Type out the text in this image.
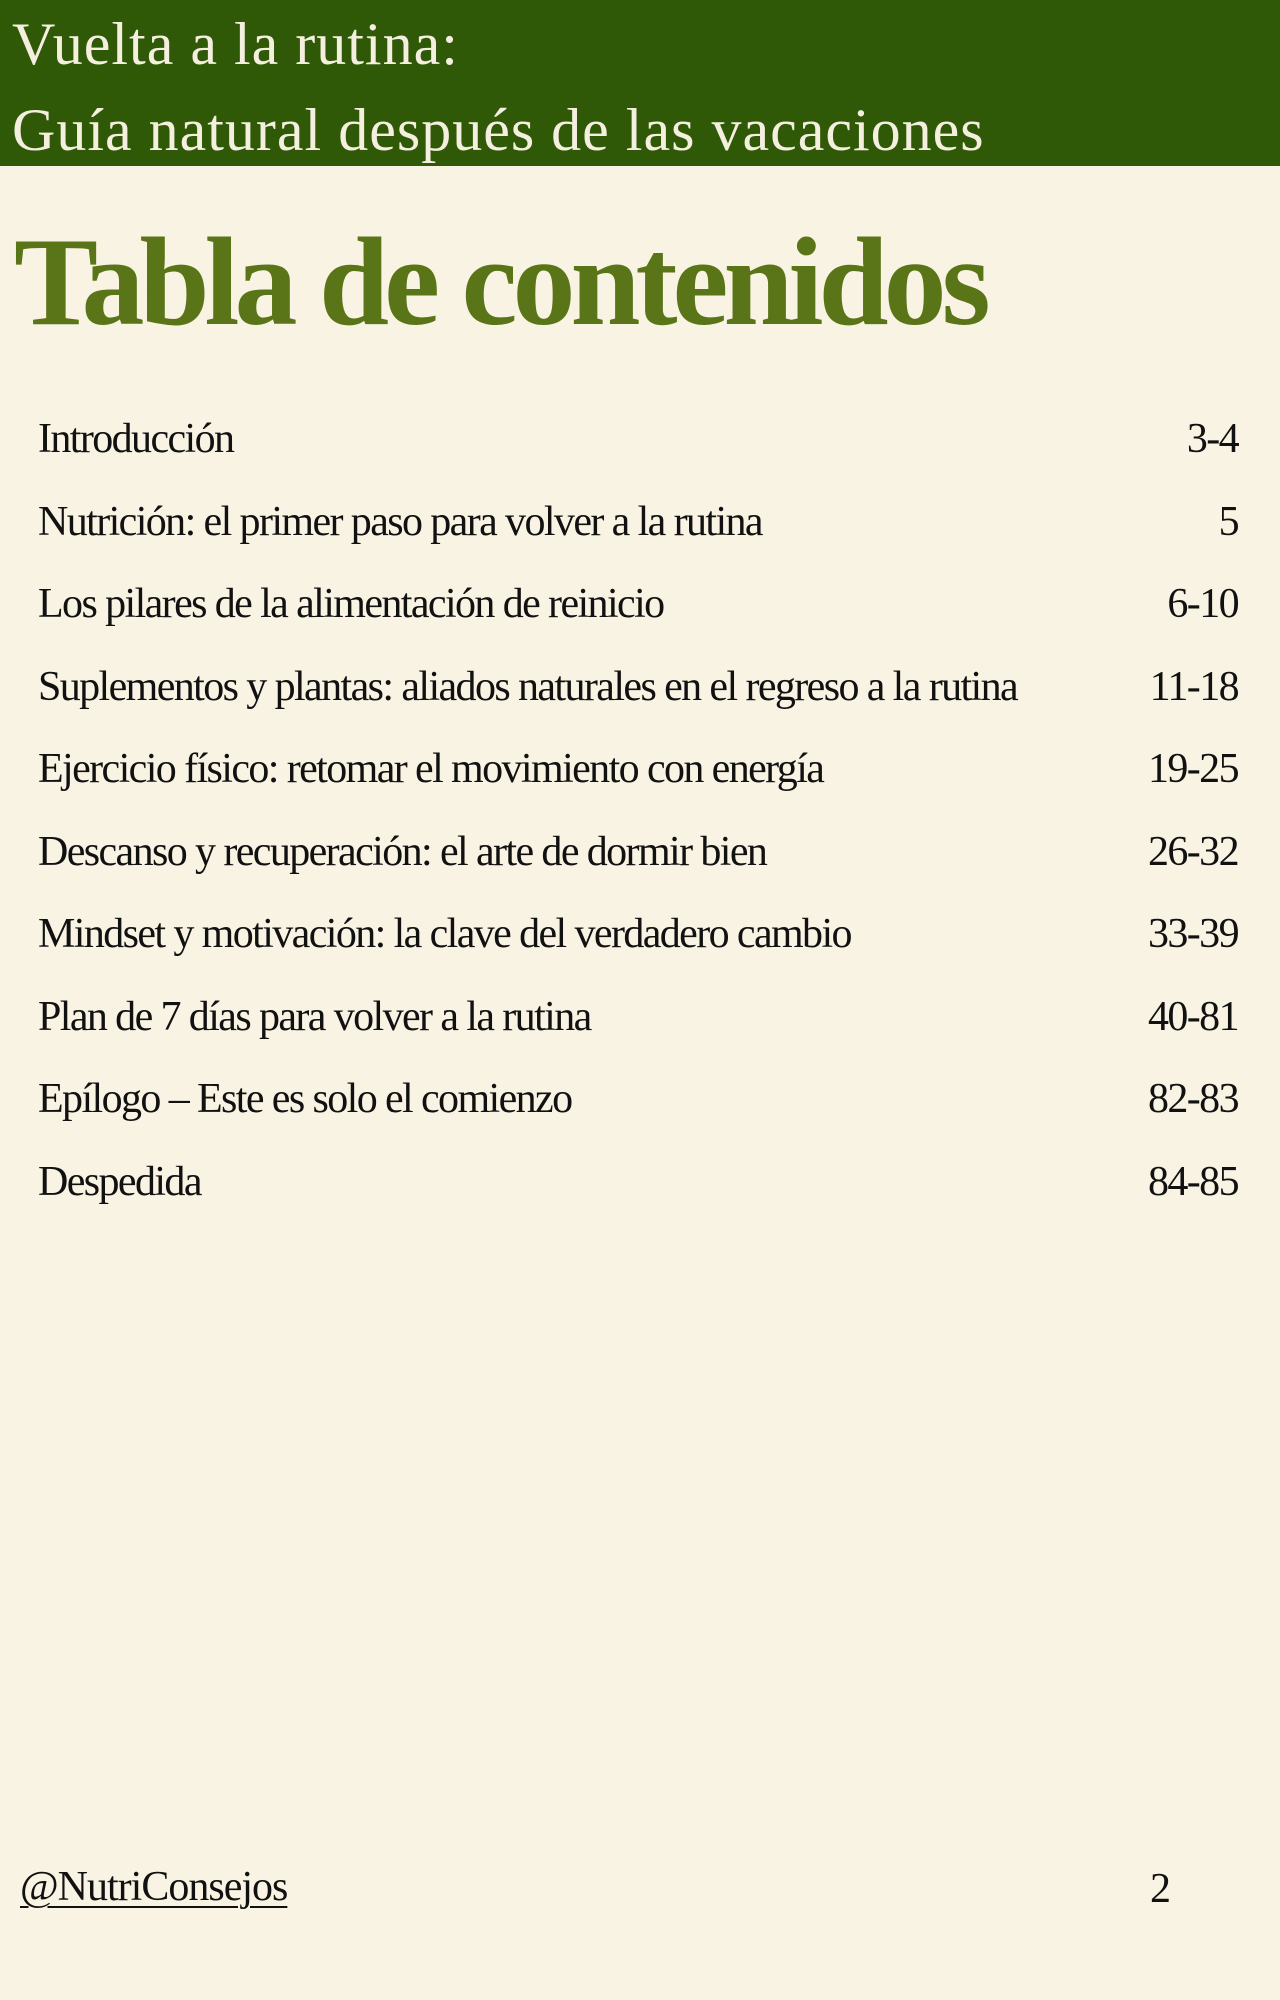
Vuelta a la rutina:
Guía natural después de las vacaciones
Tabla de contenidos
Introducción	3-4
Nutrición: el primer paso para volver a la rutina	5
Los pilares de la alimentación de reinicio	6-10
Suplementos y plantas: aliados naturales en el regreso a la rutina	11-18
Ejercicio físico: retomar el movimiento con energía	19-25
Descanso y recuperación: el arte de dormir bien	26-32
Mindset y motivación: la clave del verdadero cambio	33-39
Plan de 7 días para volver a la rutina	40-81
Epílogo – Este es solo el comienzo	82-83
Despedida	84-85
@NutriConsejos	2
